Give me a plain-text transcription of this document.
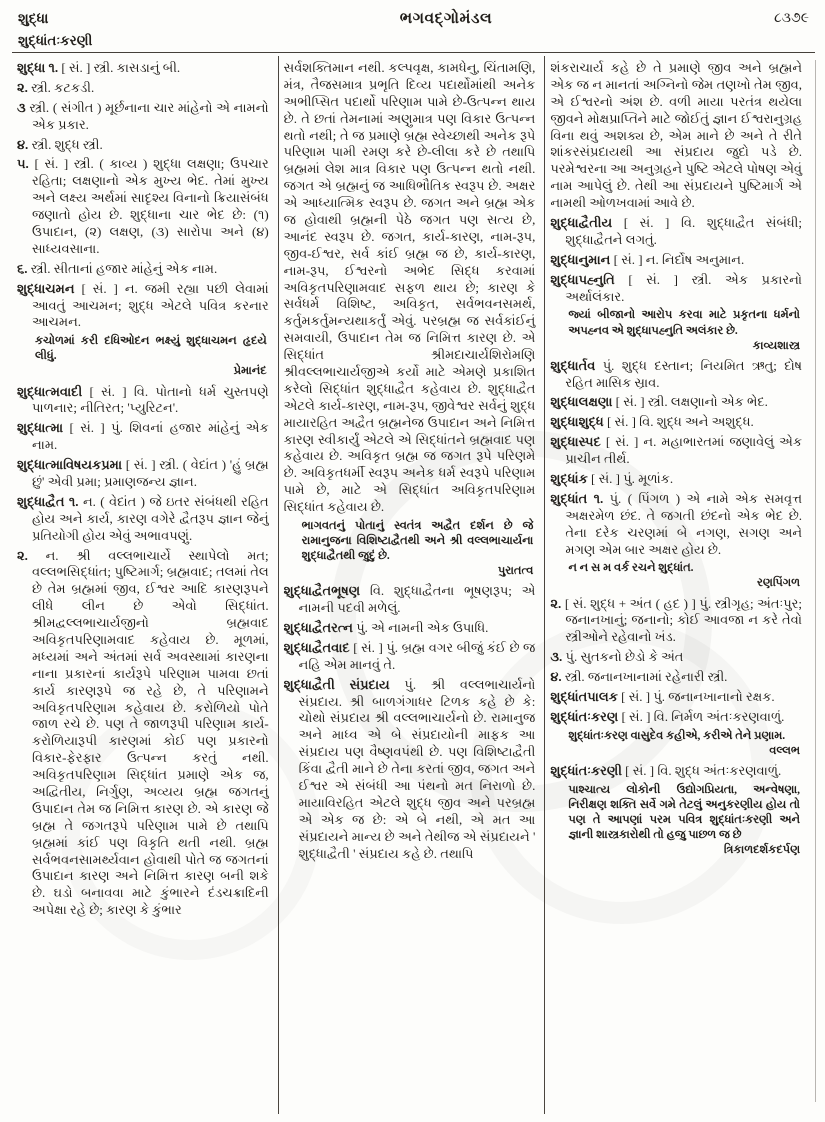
શુદ્ધા
શુદ્ધાંતઃકરણી
ભગવદ્ગોમંડલ	૮૩૭૯

શુદ્ધા ૧. [ સં. ] સ્ત્રી. કાસડાનું બી.

૨. સ્ત્રી. કટકડી.

૩ સ્ત્રી. ( સંગીત ) મૂર્છનાના ચાર માંહેનો એ નામનો એક પ્રકાર.

૪. સ્ત્રી. શુદ્ધ સ્ત્રી.

૫. [ સં. ] સ્ત્રી. ( કાવ્ય ) શુદ્ધા લક્ષણા; ઉપચાર રહિતા; લક્ષણાનો એક મુખ્ય ભેદ. તેમાં મુખ્ય અને લક્ષ્ય અર્થમાં સાદૃશ્ય વિનાનો ક્રિયાસંબંધ જણાતો હોય છે. શુદ્ધાના ચાર ભેદ છે: (૧) ઉપાદાન, (૨) લક્ષણ, (૩) સારોપા અને (૪) સાધ્યવસાના.

૬. સ્ત્રી. સીતાનાં હજાર માંહેનું એક નામ.

શુદ્ધાચમન [ સં. ] ન. જમી રહ્યા પછી લેવામાં આવતું આચમન; શુદ્ધ એટલે પવિત્ર કરનાર આચમન.

કચોળમાં કરી દધિઓદન ભક્ષ્યું શુદ્ધાચમન હૃદયે લીધું.
પ્રેમાનંદ

શુદ્ધાત્મવાદી [ સં. ] વિ. પોતાનો ધર્મ ચુસ્તપણે પાળનાર; નીતિરત; 'પ્યુરિટન'.

શુદ્ધાત્મા [ સં. ] પું. શિવનાં હજાર માંહેનું એક નામ.

શુદ્ધાત્માવિષયકપ્રમા [ સં. ] સ્ત્રી. ( વેદાંત ) 'હું બ્રહ્મ છું' એવી પ્રમા; પ્રમાણજન્ય જ્ઞાન.

શુદ્ધાદ્વૈત ૧. ન. ( વેદાંત ) જે ઇતર સંબંધથી રહિત હોય અને કાર્ય, કારણ વગેરે દ્વૈતરૂપ જ્ઞાન જેનું પ્રતિયોગી હોય એવું અભાવપણું.

૨. ન. શ્રી વલ્લભાચાર્યે સ્થાપેલો મત; વલ્લભસિદ્ધાંત; પુષ્ટિમાર્ગ; બ્રહ્મવાદ; તલમાં તેલ છે તેમ બ્રહ્મમાં જીવ, ઈશ્વર આદિ કારણરૂપને લીધે લીન છે એવો સિદ્ધાંત. શ્રીમદ્વલ્લભાચાર્યજીનો બ્રહ્મવાદ અવિકૃતપરિણામવાદ કહેવાય છે. મૂળમાં, મધ્યમાં અને અંતમાં સર્વ અવસ્થામાં કારણના નાના પ્રકારનાં કાર્યરૂપે પરિણામ પામવા છતાં કાર્ય કારણરૂપે જ રહે છે, તે પરિણામને અવિકૃતપરિણામ કહેવાય છે. કરોળિયો પોતે જાળ રચે છે. પણ તે જાળરૂપી પરિણામ કાર્ય-કરોળિયારૂપી કારણમાં કોઈ પણ પ્રકારનો વિકાર-ફેરફાર ઉત્પન્ન કરતું નથી. અવિકૃતપરિણામ સિદ્ધાંત પ્રમાણે એક જ, અદ્વિતીય, નિર્ગુણ, અવ્યય બ્રહ્મ જગતનું ઉપાદાન તેમ જ નિમિત્ત કારણ છે. એ કારણ જે બ્રહ્મ તે જગતરૂપે પરિણામ પામે છે તથાપિ બ્રહ્મમાં કાંઈ પણ વિકૃતિ થતી નથી. બ્રહ્મ સર્વભવનસામર્થ્યવાન હોવાથી પોતે જ જગતનાં ઉપાદાન કારણ અને નિમિત્ત કારણ બની શકે છે. ઘડો બનાવવા માટે કુંભારને દંડચક્રાદિની અપેક્ષા રહે છે; કારણ કે કુંભાર

સર્વશક્તિમાન નથી. કલ્પવૃક્ષ, કામધેનુ, ચિંતામણિ, મંત્ર, તૈજસમાત્ર પ્રભૃતિ દિવ્ય પદાર્થોમાંથી અનેક અભીપ્સિત પદાર્થો પરિણામ પામે છે-ઉત્પન્ન થાય છે. તે છતાં તેમનામાં અણુમાત્ર પણ વિકાર ઉત્પન્ન થતો નથી; તે જ પ્રમાણે બ્રહ્મ સ્વેચ્છાથી અનેક રૂપે પરિણામ પામી રમણ કરે છે-લીલા કરે છે તથાપિ બ્રહ્મમાં લેશ માત્ર વિકાર પણ ઉત્પન્ન થતો નથી. જગત એ બ્રહ્મનું જ આધિભૌતિક સ્વરૂપ છે. અક્ષર એ આધ્યાત્મિક સ્વરૂપ છે. જગત અને બ્રહ્મ એક જ હોવાથી બ્રહ્મની પેઠે જગત પણ સત્ય છે, આનંદ સ્વરૂપ છે. જગત, કાર્ય-કારણ, નામ-રૂપ, જીવ-ઈશ્વર, સર્વ કાંઈ બ્રહ્મ જ છે, કાર્ય-કારણ, નામ-રૂપ, ઈશ્વરનો અભેદ સિદ્ધ કરવામાં અવિકૃતપરિણામવાદ સફળ થાય છે; કારણ કે સર્વધર્મ વિશિષ્ટ, અવિકૃત, સર્વભવનસમર્થ, કર્તુમકર્તુમન્યથાકર્તું એવું. પરબ્રહ્મ જ સર્વકાંઈનું સમવાયી, ઉપાદાન તેમ જ નિમિત્ત કારણ છે. એ સિદ્ધાંત શ્રીમદાચાર્યશિરોમણિ શ્રીવલ્લભાચાર્યજીએ કર્યો માટે એમણે પ્રકાશિત કરેલો સિદ્ધાંત શુદ્ધાદ્વૈત કહેવાય છે. શુદ્ધાદ્વૈત એટલે કાર્ય-કારણ, નામ-રૂપ, જીવેશ્વર સર્વનું શુદ્ધ માયારહિત અદ્વૈત બ્રહ્મનેજ ઉપાદાન અને નિમિત્ત કારણ સ્વીકાર્યું એટલે એ સિદ્ધાંતને બ્રહ્મવાદ પણ કહેવાય છે. અવિકૃત બ્રહ્મ જ જગત રૂપે પરિણમે છે. અવિકૃતધર્મી સ્વરૂપ અનેક ધર્મ સ્વરૂપે પરિણામ પામે છે, માટે એ સિદ્ધાંત અવિકૃતપરિણામ સિદ્ધાંત કહેવાય છે.

ભાગવતનું પોતાનું સ્વતંત્ર અદ્વૈત દર્શન છે જે રામાનુજના વિશિષ્ટાદ્વૈતથી અને શ્રી વલ્લભાચાર્યના શુદ્ધાદ્વૈતથી જુદું છે.
પુરાતત્વ

શુદ્ધાદ્વૈતભૂષણ વિ. શુદ્ધાદ્વૈતના ભૂષણરૂપ; એ નામની પદવી મળેલું.

શુદ્ધાદ્વૈતરત્ન પું. એ નામની એક ઉપાધિ.

શુદ્ધાદ્વૈતવાદ [ સં. ] પું. બ્રહ્મ વગર બીજું કંઈ છે જ નહિ એમ માનવું તે.

શુદ્ધાદ્વૈતી સંપ્રદાય પું. શ્રી વલ્લભાચાર્યનો સંપ્રદાય. શ્રી બાળગંગાધર ટિળક કહે છે કે: ચોથો સંપ્રદાય શ્રી વલ્લભાચાર્યનો છે. રામાનુજ અને માધ્વ એ બે સંપ્રદાયોની માફક આ સંપ્રદાય પણ વૈષ્ણવપંથી છે. પણ વિશિષ્ટાદ્વૈતી કિંવા દ્વૈતી માને છે તેના કરતાં જીવ, જગત અને ઈશ્વર એ સંબંધી આ પંથનો મત નિરાળો છે. માયાવિરહિત એટલે શુદ્ધ જીવ અને પરબ્રહ્મ એ એક જ છે: એ બે નથી, એ મત આ સંપ્રદાયને માન્ય છે અને તેથીજ એ સંપ્રદાયને ' શુદ્ધાદ્વૈતી ' સંપ્રદાય કહે છે. તથાપિ

શંકરાચાર્ય કહે છે તે પ્રમાણે જીવ અને બ્રહ્મને એક જ ન માનતાં અગ્નિનો જેમ તણખો તેમ જીવ, એ ઈશ્વરનો અંશ છે. વળી માયા પરતંત્ર થયેલા જીવને મોક્ષપ્રાપ્તિને માટે જોઈતું જ્ઞાન ઈશ્વરાનુગ્રહ વિના થવું અશક્ય છે, એમ માને છે અને તે રીતે શાંકરસંપ્રદાયથી આ સંપ્રદાય જુદો પડે છે. પરમેશ્વરના આ અનુગ્રહને પુષ્ટિ એટલે પોષણ એવું નામ આપેલું છે. તેથી આ સંપ્રદાયને પુષ્ટિમાર્ગ એ નામથી ઓળખવામાં આવે છે.

શુદ્ધાદ્વૈતીય [ સં. ] વિ. શુદ્ધાદ્વૈત સંબંધી; શુદ્ધાદ્વૈતને લગતું.

શુદ્ધાનુમાન [ સં. ] ન. નિર્દોષ અનુમાન.

શુદ્ધાપહ્નુતિ [ સં. ] સ્ત્રી. એક પ્રકારનો અર્થાલંકાર.

જ્યાં બીજાનો આરોપ કરવા માટે પ્રકૃતના ધર્મનો અપહ્નવ એ શુદ્ધાપહ્નુતિ અલંકાર છે.
કાવ્યશાસ્ત્ર

શુદ્ધાર્તવ પું. શુદ્ધ દસ્તાન; નિયમિત ઋતુ; દોષ રહિત માસિક સ્રાવ.

શુદ્ધાલક્ષણા [ સં. ] સ્ત્રી. લક્ષણાનો એક ભેદ.

શુદ્ધાશુદ્ધ [ સં. ] વિ. શુદ્ધ અને અશુદ્ધ.

શુદ્ધાસ્પદ [ સં. ] ન. મહાભારતમાં જણાવેલું એક પ્રાચીન તીર્થ.

શુદ્ધાંક [ સં. ] પું. મૂળાંક.

શુદ્ધાંત ૧. પું. ( પિંગળ ) એ નામે એક સમવૃત્ત અક્ષરમેળ છંદ. તે જગતી છંદનો એક ભેદ છે. તેના દરેક ચરણમાં બે નગણ, સગણ અને મગણ એમ બાર અક્ષર હોય છે.

ન ન સ મ વર્ક રચને શુદ્ધાંત.
રણપિંગળ

૨. [ સં. શુદ્ધ + અંત ( હદ ) ] પું. સ્ત્રીગૃહ; અંતઃપુર; જનાનખાનું; જનાનો; કોઈ આવજા ન કરે તેવો સ્ત્રીઓને રહેવાનો ખંડ.

૩. પું. સુતકનો છેડો કે અંત

૪. સ્ત્રી. જનાનખાનામાં રહેનારી સ્ત્રી.

શુદ્ધાંતપાલક [ સં. ] પું. જનાનખાનાનો રક્ષક.

શુદ્ધાંતઃકરણ [ સં. ] વિ. નિર્મળ અંતઃકરણવાળું.

શુદ્ધાંતઃકરણ વાસુદેવ કહીએ, કરીએ તેને પ્રણામ.
વલ્લભ

શુદ્ધાંતઃકરણી [ સં. ] વિ. શુદ્ધ અંતઃકરણવાળું.

પાશ્ચાત્ય લોકોની ઉદ્યોગપ્રિયતા, અન્વેષણા, નિરીક્ષણ શક્તિ સર્વે ગમે તેટલું અનુકરણીય હોય તો પણ તે આપણાં પરમ પવિત્ર શુદ્ધાંતઃકરણી અને જ્ઞાની શાસ્ત્રકારોથી તો હજુ પાછળ જ છે
ત્રિકાળદર્શકદર્પણ
